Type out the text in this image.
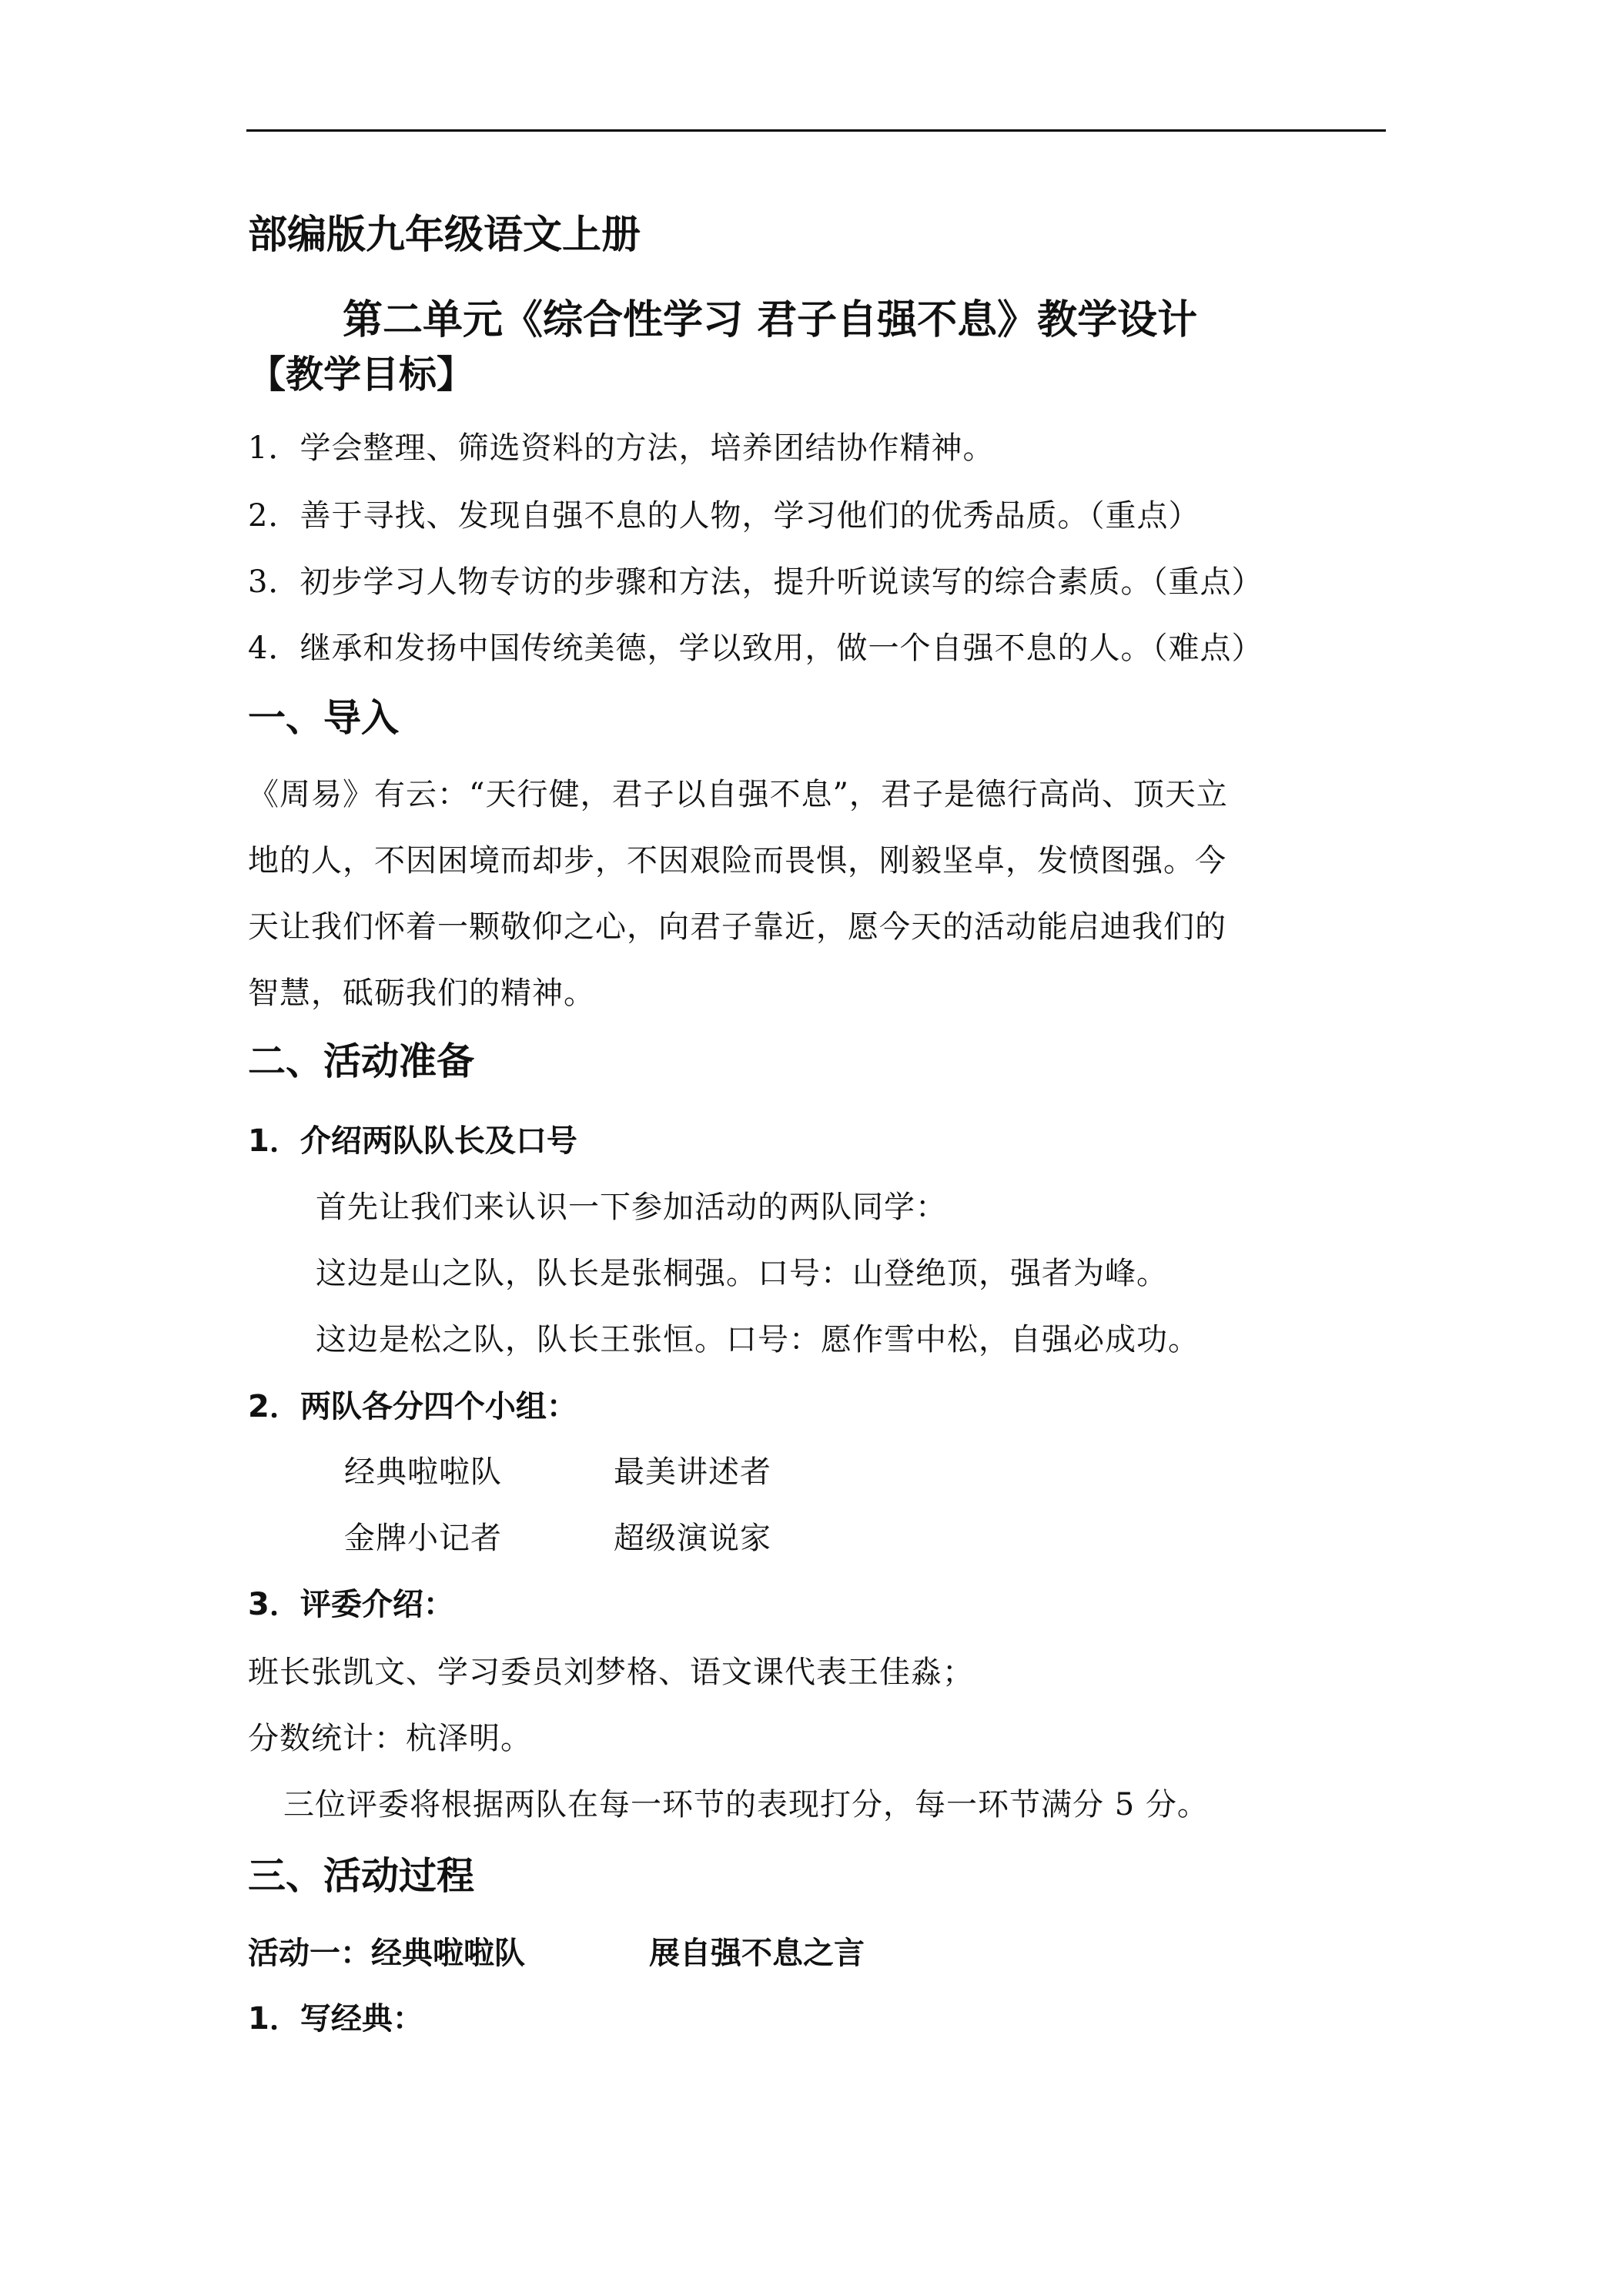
部编版九年级语文上册
第二单元《综合性学习 君子自强不息》教学设计
【教学目标】
1．学会整理、筛选资料的方法，培养团结协作精神。
2．善于寻找、发现自强不息的人物，学习他们的优秀品质。（重点）
3．初步学习人物专访的步骤和方法，提升听说读写的综合素质。（重点）
4．继承和发扬中国传统美德，学以致用，做一个自强不息的人。（难点）
一、导入
《周易》有云：“天行健，君子以自强不息”，君子是德行高尚、顶天立
地的人，不因困境而却步，不因艰险而畏惧，刚毅坚卓，发愤图强。今
天让我们怀着一颗敬仰之心，向君子靠近，愿今天的活动能启迪我们的
智慧，砥砺我们的精神。
二、活动准备
1．介绍两队队长及口号
首先让我们来认识一下参加活动的两队同学：
这边是山之队，队长是张桐强。口号：山登绝顶，强者为峰。
这边是松之队，队长王张恒。口号：愿作雪中松，自强必成功。
2．两队各分四个小组：
经典啦啦队	最美讲述者
金牌小记者	超级演说家
3．评委介绍：
班长张凯文、学习委员刘梦格、语文课代表王佳淼；
分数统计：杭泽明。
三位评委将根据两队在每一环节的表现打分，每一环节满分 5 分。
三、活动过程
活动一：经典啦啦队	展自强不息之言
1．写经典：
